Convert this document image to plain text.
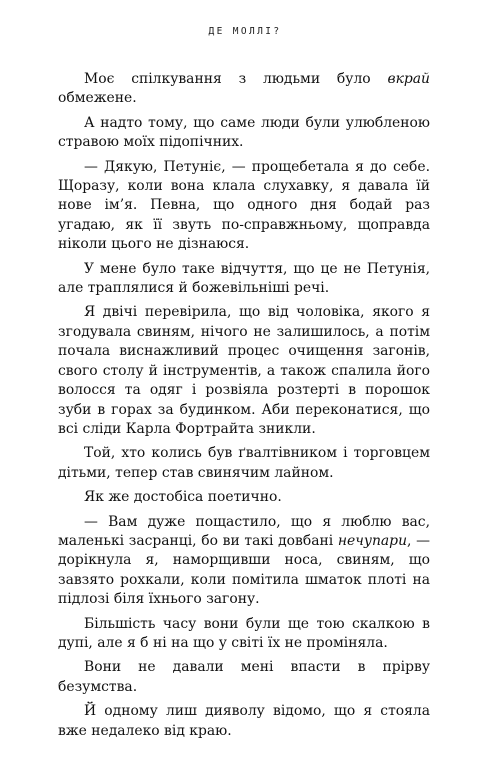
ДЕ МОЛЛІ?

Моє спілкування з людьми було вкрай обмежене.

А надто тому, що саме люди були улюбленою стравою моїх підопічних.

— Дякую, Петуніє, — прощебетала я до себе. Щоразу, коли вона клала слухавку, я давала їй нове ім’я. Певна, що одного дня бодай раз угадаю, як її звуть по-справжньому, щоправда ніколи цього не дізнаюся.

У мене було таке відчуття, що це не Петунія, але траплялися й божевільніші речі.

Я двічі перевірила, що від чоловіка, якого я згодувала свиням, нічого не залишилось, а потім почала виснажливий процес очищення загонів, свого столу й інструментів, а також спалила його волосся та одяг і розвіяла розтерті в порошок зуби в горах за будинком. Аби переконатися, що всі сліди Карла Фортрайта зникли.

Той, хто колись був ґвалтівником і торговцем дітьми, тепер став свинячим лайном.

Як же достобіса поетично.

— Вам дуже пощастило, що я люблю вас, маленькі засранці, бо ви такі довбані нечупари, — дорікнула я, наморщивши носа, свиням, що завзято рохкали, коли помітила шматок плоті на підлозі біля їхнього загону.

Більшість часу вони були ще тою скалкою в дупі, але я б ні на що у світі їх не проміняла.

Вони не давали мені впасти в прірву безумства.

Й одному лиш дияволу відомо, що я стояла вже недалеко від краю.
